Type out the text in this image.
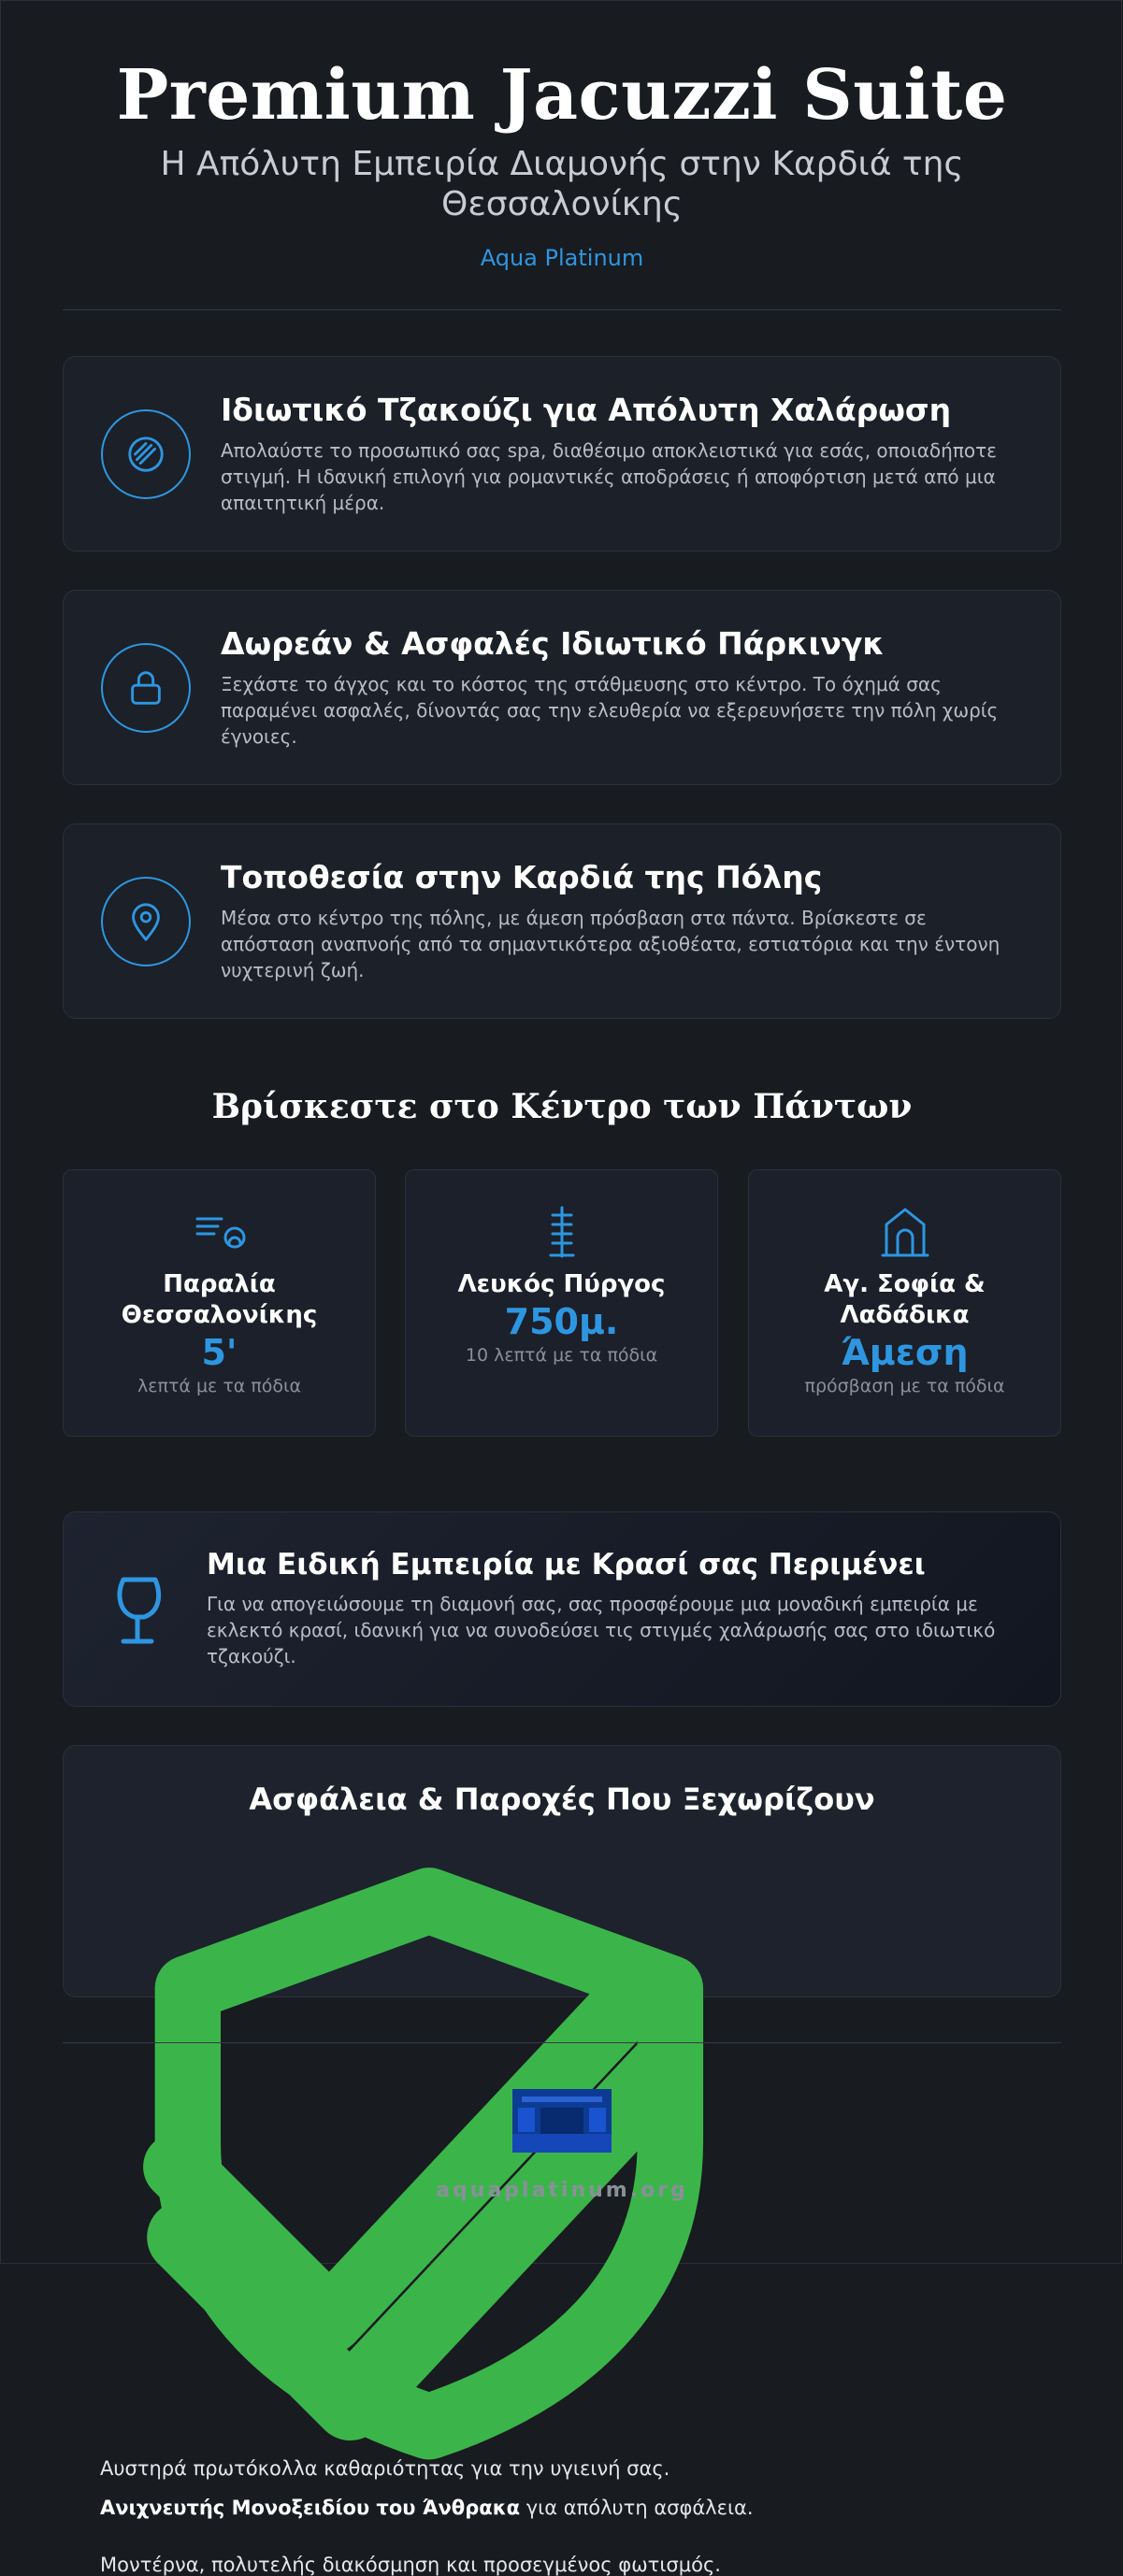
Premium Jacuzzi Suite
Η Απόλυτη Εμπειρία Διαμονής στην Καρδιά της Θεσσαλονίκης
Aqua Platinum
Ιδιωτικό Τζακούζι για Απόλυτη Χαλάρωση
Απολαύστε το προσωπικό σας spa, διαθέσιμο αποκλειστικά για εσάς, οποιαδήποτε στιγμή. Η ιδανική επιλογή για ρομαντικές αποδράσεις ή αποφόρτιση μετά από μια απαιτητική μέρα.
Δωρεάν & Ασφαλές Ιδιωτικό Πάρκινγκ
Ξεχάστε το άγχος και το κόστος της στάθμευσης στο κέντρο. Το όχημά σας παραμένει ασφαλές, δίνοντάς σας την ελευθερία να εξερευνήσετε την πόλη χωρίς έγνοιες.
Τοποθεσία στην Καρδιά της Πόλης
Μέσα στο κέντρο της πόλης, με άμεση πρόσβαση στα πάντα. Βρίσκεστε σε απόσταση αναπνοής από τα σημαντικότερα αξιοθέατα, εστιατόρια και την έντονη νυχτερινή ζωή.
Βρίσκεστε στο Κέντρο των Πάντων
Παραλία Θεσσαλονίκης
5'
λεπτά με τα πόδια
Λευκός Πύργος
750μ.
10 λεπτά με τα πόδια
Αγ. Σοφία & Λαδάδικα
Άμεση
πρόσβαση με τα πόδια
Μια Ειδική Εμπειρία με Κρασί σας Περιμένει
Για να απογειώσουμε τη διαμονή σας, σας προσφέρουμε μια μοναδική εμπειρία με εκλεκτό κρασί, ιδανική για να συνοδεύσει τις στιγμές χαλάρωσής σας στο ιδιωτικό τζακούζι.
Ασφάλεια & Παροχές Που Ξεχωρίζουν
Ανιχνευτής Μονοξειδίου του Άνθρακα για απόλυτη ασφάλεια.
Αυστηρά πρωτόκολλα καθαριότητας για την υγιεινή σας.
Μοντέρνα, πολυτελής διακόσμηση και προσεγμένος φωτισμός.
aquaplatinum.org
